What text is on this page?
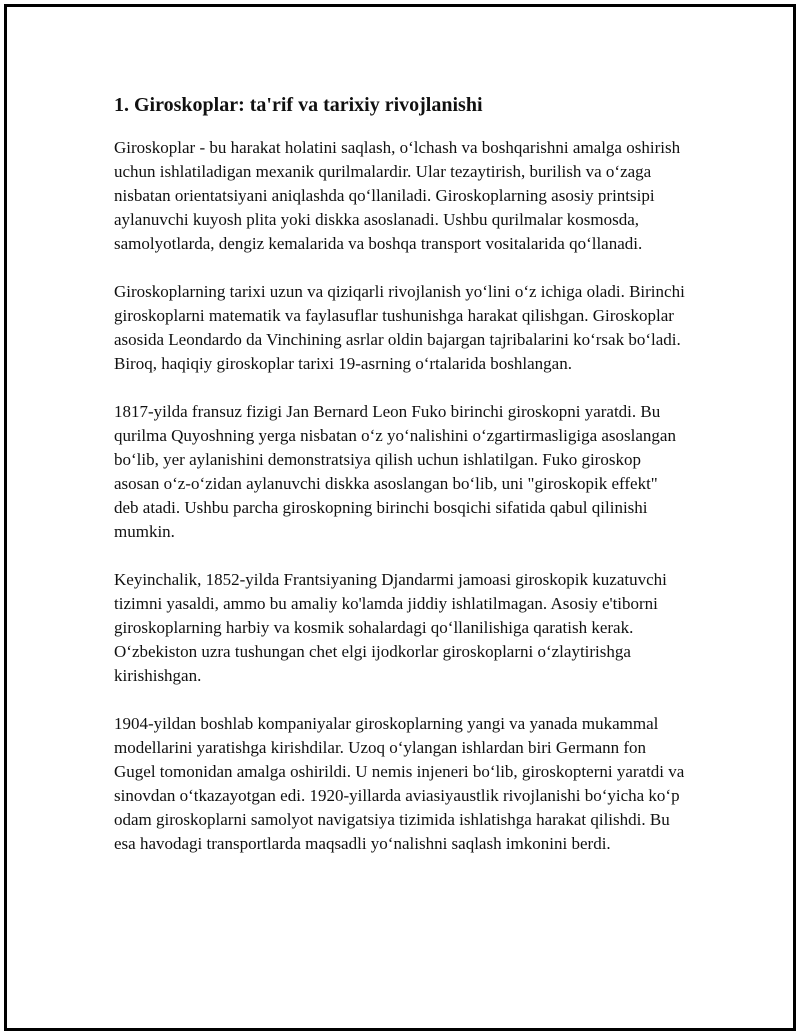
1. Giroskoplar: ta'rif va tarixiy rivojlanishi

Giroskoplar - bu harakat holatini saqlash, oʻlchash va boshqarishni amalga oshirish uchun ishlatiladigan mexanik qurilmalardir. Ular tezaytirish, burilish va oʻzaga nisbatan orientatsiyani aniqlashda qoʻllaniladi. Giroskoplarning asosiy printsipi aylanuvchi kuyosh plita yoki diskka asoslanadi. Ushbu qurilmalar kosmosda, samolyotlarda, dengiz kemalarida va boshqa transport vositalarida qoʻllanadi.

Giroskoplarning tarixi uzun va qiziqarli rivojlanish yoʻlini oʻz ichiga oladi. Birinchi giroskoplarni matematik va faylasuflar tushunishga harakat qilishgan. Giroskoplar asosida Leondardo da Vinchining asrlar oldin bajargan tajribalarini koʻrsak boʻladi. Biroq, haqiqiy giroskoplar tarixi 19-asrning oʻrtalarida boshlangan.

1817-yilda fransuz fizigi Jan Bernard Leon Fuko birinchi giroskopni yaratdi. Bu qurilma Quyoshning yerga nisbatan oʻz yoʻnalishini oʻzgartirmasligiga asoslangan boʻlib, yer aylanishini demonstratsiya qilish uchun ishlatilgan. Fuko giroskop asosan oʻz-oʻzidan aylanuvchi diskka asoslangan boʻlib, uni "giroskopik effekt" deb atadi. Ushbu parcha giroskopning birinchi bosqichi sifatida qabul qilinishi mumkin.

Keyinchalik, 1852-yilda Frantsiyaning Djandarmi jamoasi giroskopik kuzatuvchi tizimni yasaldi, ammo bu amaliy ko'lamda jiddiy ishlatilmagan. Asosiy e'tiborni giroskoplarning harbiy va kosmik sohalardagi qoʻllanilishiga qaratish kerak. Oʻzbekiston uzra tushungan chet elgi ijodkorlar giroskoplarni oʻzlaytirishga kirishishgan.

1904-yildan boshlab kompaniyalar giroskoplarning yangi va yanada mukammal modellarini yaratishga kirishdilar. Uzoq oʻylangan ishlardan biri Germann fon Gugel tomonidan amalga oshirildi. U nemis injeneri boʻlib, giroskopterni yaratdi va sinovdan oʻtkazayotgan edi. 1920-yillarda aviasiyaustlik rivojlanishi boʻyicha koʻp odam giroskoplarni samolyot navigatsiya tizimida ishlatishga harakat qilishdi. Bu esa havodagi transportlarda maqsadli yoʻnalishni saqlash imkonini berdi.
